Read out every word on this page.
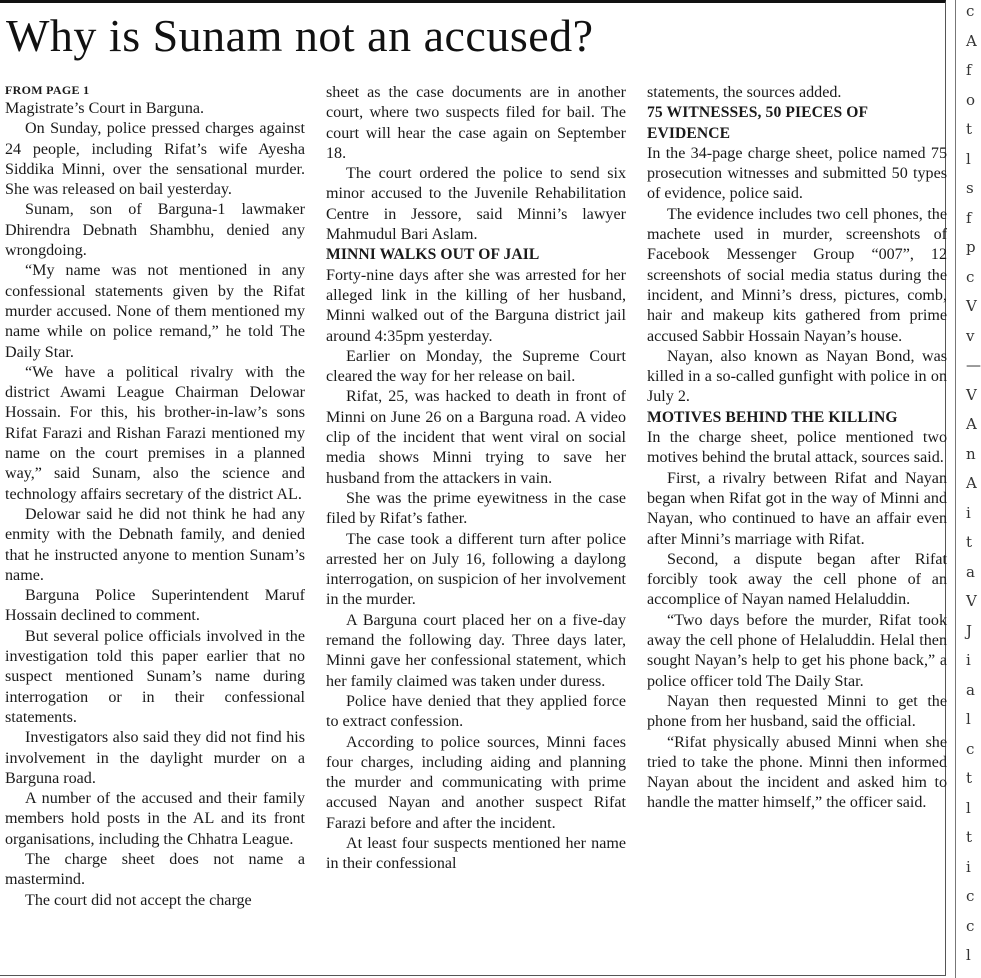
Why is Sunam not an accused?
FROM PAGE 1

Magistrate’s Court in Barguna.

On Sunday, police pressed charges against 24 people, including Rifat’s wife Ayesha Siddika Minni, over the sensational murder. She was released on bail yesterday.

Sunam, son of Barguna-1 lawmaker Dhirendra Debnath Shambhu, denied any wrongdoing.

“My name was not mentioned in any confessional statements given by the Rifat murder accused. None of them mentioned my name while on police remand,” he told The Daily Star.

“We have a political rivalry with the district Awami League Chairman Delowar Hossain. For this, his brother-in-law’s sons Rifat Farazi and Rishan Farazi mentioned my name on the court premises in a planned way,” said Sunam, also the science and technology affairs secretary of the district AL.

Delowar said he did not think he had any enmity with the Debnath family, and denied that he instructed anyone to mention Sunam’s name.

Barguna Police Superintendent Maruf Hossain declined to comment.

But several police officials involved in the investigation told this paper earlier that no suspect mentioned Sunam’s name during interrogation or in their confessional statements.

Investigators also said they did not find his involvement in the daylight murder on a Barguna road.

A number of the accused and their family members hold posts in the AL and its front organisations, including the Chhatra League.

The charge sheet does not name a mastermind.

The court did not accept the charge

sheet as the case documents are in another court, where two suspects filed for bail. The court will hear the case again on September 18.

The court ordered the police to send six minor accused to the Juvenile Rehabilitation Centre in Jessore, said Minni’s lawyer Mahmudul Bari Aslam.

MINNI WALKS OUT OF JAIL

Forty-nine days after she was arrested for her alleged link in the killing of her husband, Minni walked out of the Barguna district jail around 4:35pm yesterday.

Earlier on Monday, the Supreme Court cleared the way for her release on bail.

Rifat, 25, was hacked to death in front of Minni on June 26 on a Barguna road. A video clip of the incident that went viral on social media shows Minni trying to save her husband from the attackers in vain.

She was the prime eyewitness in the case filed by Rifat’s father.

The case took a different turn after police arrested her on July 16, following a daylong interrogation, on suspicion of her involvement in the murder.

A Barguna court placed her on a five-day remand the following day. Three days later, Minni gave her confessional statement, which her family claimed was taken under duress.

Police have denied that they applied force to extract confession.

According to police sources, Minni faces four charges, including aiding and planning the murder and communicating with prime accused Nayan and another suspect Rifat Farazi before and after the incident.

At least four suspects mentioned her name in their confessional

statements, the sources added.

75 WITNESSES, 50 PIECES OF EVIDENCE

In the 34-page charge sheet, police named 75 prosecution witnesses and submitted 50 types of evidence, police said.

The evidence includes two cell phones, the machete used in murder, screenshots of Facebook Messenger Group “007”, 12 screenshots of social media status during the incident, and Minni’s dress, pictures, comb, hair and makeup kits gathered from prime accused Sabbir Hossain Nayan’s house.

Nayan, also known as Nayan Bond, was killed in a so-called gunfight with police in on July 2.

MOTIVES BEHIND THE KILLING

In the charge sheet, police mentioned two motives behind the brutal attack, sources said.

First, a rivalry between Rifat and Nayan began when Rifat got in the way of Minni and Nayan, who continued to have an affair even after Minni’s marriage with Rifat.

Second, a dispute began after Rifat forcibly took away the cell phone of an accomplice of Nayan named Helaluddin.

“Two days before the murder, Rifat took away the cell phone of Helaluddin. Helal then sought Nayan’s help to get his phone back,” a police officer told The Daily Star.

Nayan then requested Minni to get the phone from her husband, said the official.

“Rifat physically abused Minni when she tried to take the phone. Minni then informed Nayan about the incident and asked him to handle the matter himself,” the officer said.

c
A
f
o
t
l
s
f
p
c
V
v
—
V
A
n
A
i
t
a
V
J
i
a
l
c
t
l
t
i
c
c
l
